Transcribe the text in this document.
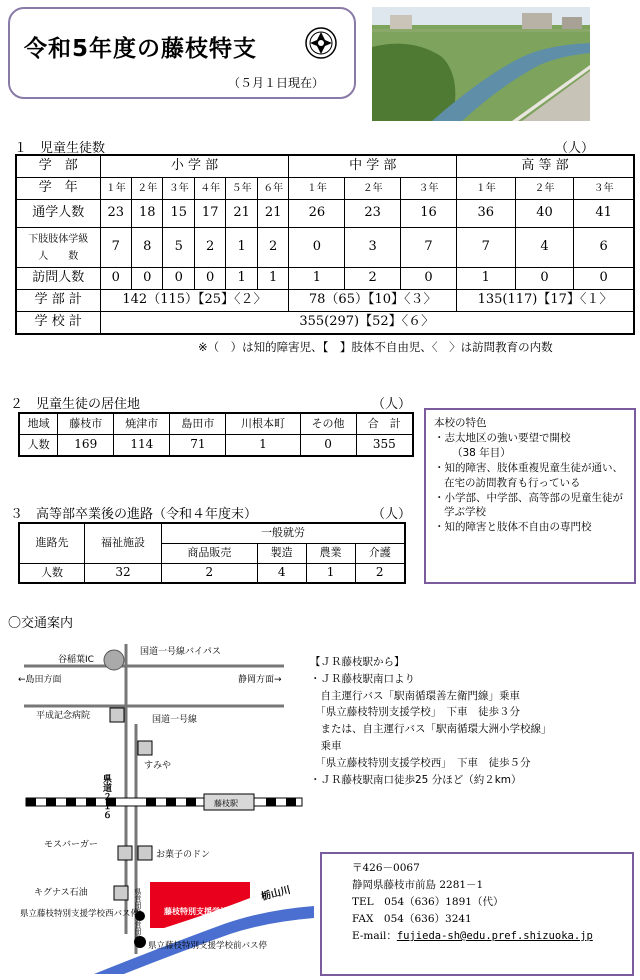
令和5年度の藤枝特支
（５月１日現在）
１　児童生徒数	（人）
学　部	小 学 部						中 学 部			高 等 部		
学　年	１年	２年	３年	４年	５年	６年	１年	２年	３年	１年	２年	３年
通学人数	23	18	15	17	21	21	26	23	16	36	40	41

下肢肢体学級
人　　数	7	8	5	2	1	2	0	3	7	7	4	6
訪問人数	0	0	0	0	1	1	1	2	0	1	0	0
学 部 計	142（115）【25】〈２〉						78（65）【10】〈３〉			135(117)【17】〈１〉		
学 校 計	355(297)【52】〈６〉											
※（　）は知的障害児、【　】肢体不自由児、〈　〉は訪問教育の内数
２　児童生徒の居住地	（人）
地域	藤枝市	焼津市	島田市	川根本町	その他	合　計
人数	169	114	71	1	0	355
本校の特色
・志太地区の強い要望で開校
（38 年目）
・知的障害、肢体重複児童生徒が通い、在宅の訪問教育も行っている
・小学部、中学部、高等部の児童生徒が学ぶ学校
・知的障害と肢体不自由の専門校
３　高等部卒業後の進路（令和４年度末）	（人）
進路先	福祉施設	一般就労			
		商品販売	製造	農業	介護
人数	32	2	4	1	2
〇交通案内
谷稲葉IC
国道一号線バイパス
←島田方面	静岡方面→
平成記念病院	国道一号線
すみや
県道２１６	藤枝駅
モスバーガー
お菓子のドン
キグナス石油	県営団地
県営団地
藤枝特別支援学校
栃山川
県立藤枝特別支援学校西バス停
県立藤枝特別支援学校前バス停
【ＪＲ藤枝駅から】
・ＪＲ藤枝駅南口より
　自主運行バス「駅南循環善左衛門線」乗車
　「県立藤枝特別支援学校」　下車　徒歩３分
　または、自主運行バス「駅南循環大洲小学校線」
　乗車
　「県立藤枝特別支援学校西」　下車　徒歩５分
・ＪＲ藤枝駅南口徒歩25 分ほど（約２km）
〒426－0067
静岡県藤枝市前島 2281－1
TEL　054（636）1891（代）
FAX　054（636）3241
E-mail：fujieda-sh@edu.pref.shizuoka.jp
